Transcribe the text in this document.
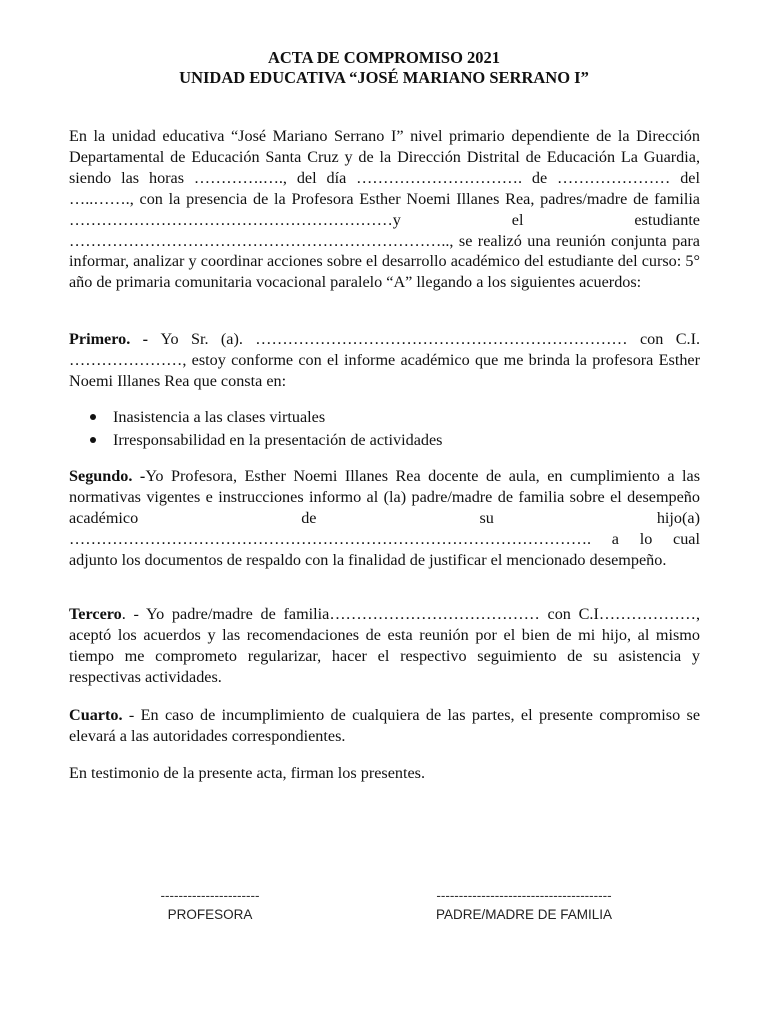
ACTA DE COMPROMISO 2021
UNIDAD EDUCATIVA “JOSÉ MARIANO SERRANO I”
En la unidad educativa “José Mariano Serrano I” nivel primario dependiente de la Dirección Departamental de Educación Santa Cruz y de la Dirección Distrital de Educación La Guardia, siendo las horas ………….…., del día …………………………. de ………………… del …..……., con la presencia de la Profesora Esther Noemi Illanes Rea, padres/madre de familia ……………………………………………………y el estudiante …………………………………………………………….., se realizó una reunión conjunta para informar, analizar y coordinar acciones sobre el desarrollo académico del estudiante del curso: 5° año de primaria comunitaria vocacional paralelo “A” llegando a los siguientes acuerdos:
Primero. - Yo Sr. (a). …………………………………………………………… con C.I. …………………, estoy conforme con el informe académico que me brinda la profesora Esther Noemi Illanes Rea que consta en:
Inasistencia a las clases virtuales
Irresponsabilidad en la presentación de actividades
Segundo. -Yo Profesora, Esther Noemi Illanes Rea docente de aula, en cumplimiento a las normativas vigentes e instrucciones informo al (la) padre/madre de familia sobre el desempeño académico de su hijo(a) ……………………………………………………………………………………. a lo cual adjunto los documentos de respaldo con la finalidad de justificar el mencionado desempeño.
Tercero. - Yo padre/madre de familia………………………………… con C.I………………, aceptó los acuerdos y las recomendaciones de esta reunión por el bien de mi hijo, al mismo tiempo me comprometo regularizar, hacer el respectivo seguimiento de su asistencia y respectivas actividades.
Cuarto. - En caso de incumplimiento de cualquiera de las partes, el presente compromiso se elevará a las autoridades correspondientes.
En testimonio de la presente acta, firman los presentes.
----------------------
PROFESORA
---------------------------------------
PADRE/MADRE DE FAMILIA
